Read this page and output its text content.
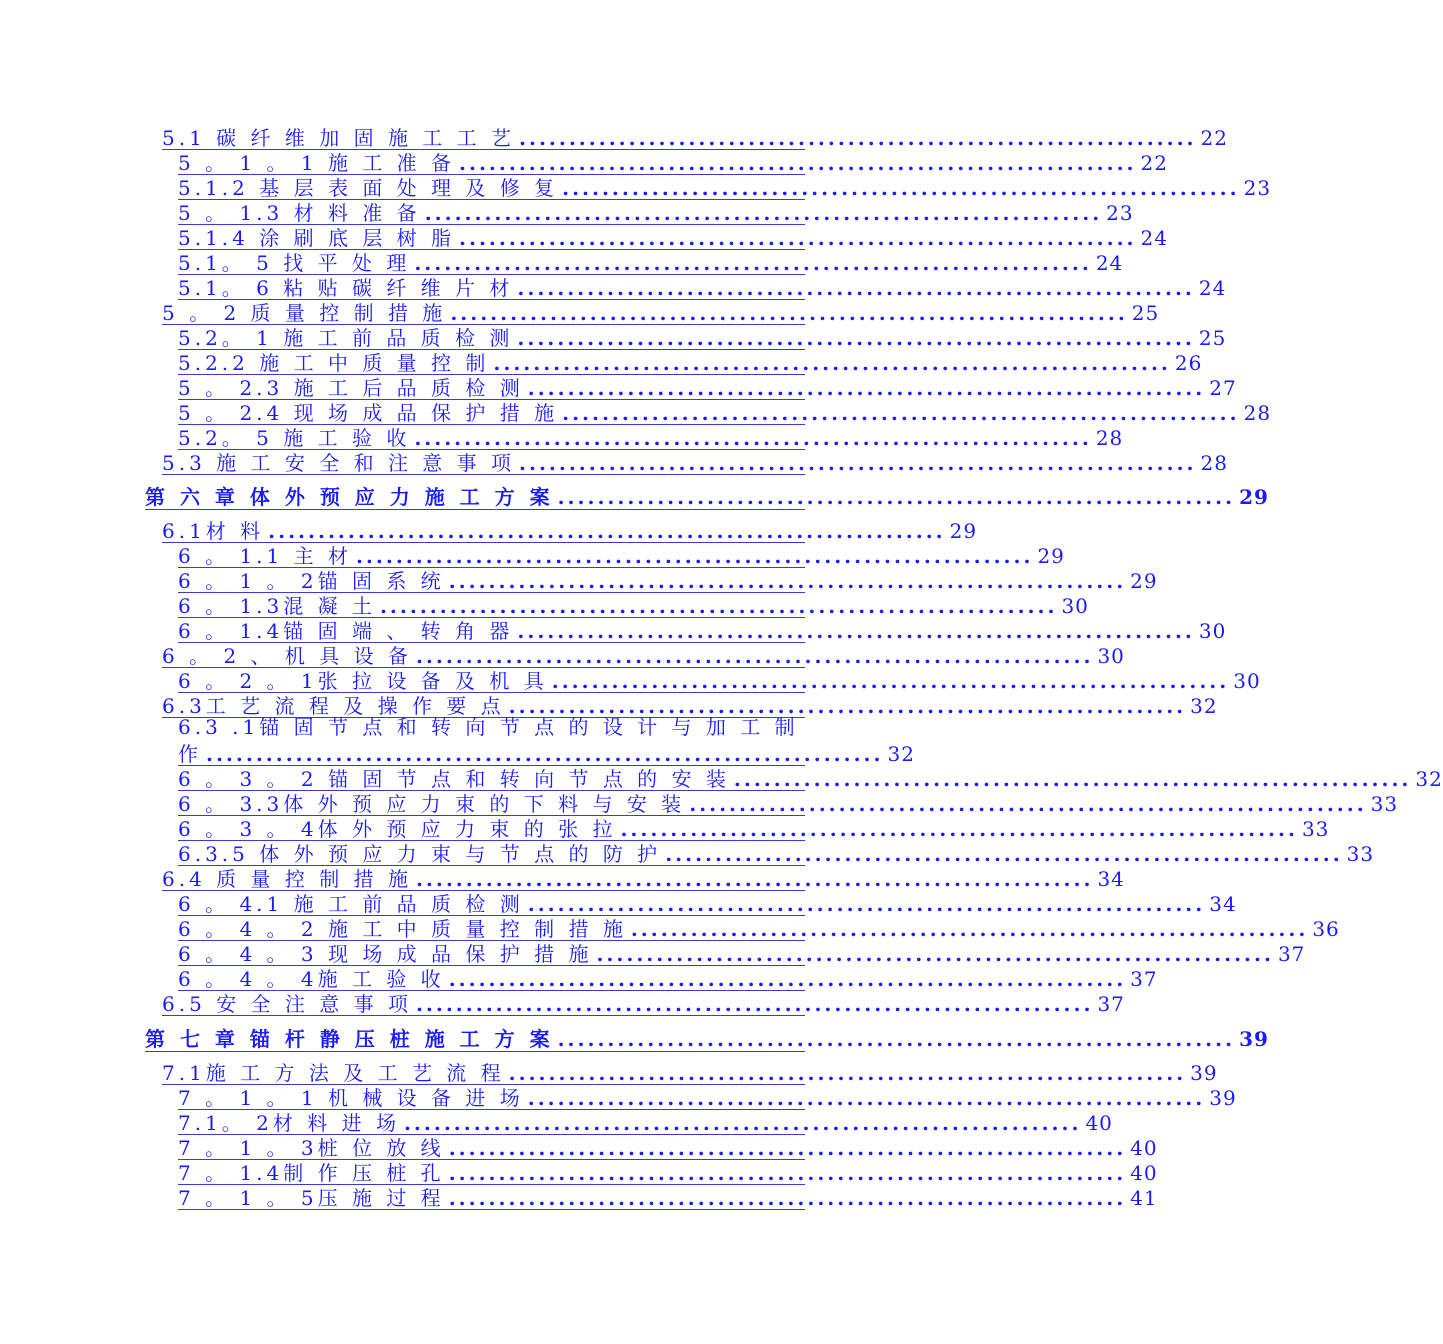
5.1 碳 纤 维 加 固 施 工 工 艺 .................................................................... 22
5 。 1 。 1 施 工 准 备 .................................................................... 22
5.1.2 基 层 表 面 处 理 及 修 复 .................................................................... 23
5 。 1.3 材 料 准 备 .................................................................... 23
5.1.4 涂 刷 底 层 树 脂 .................................................................... 24
5.1。 5 找 平 处 理 .................................................................... 24
5.1。 6 粘 贴 碳 纤 维 片 材 .................................................................... 24
5 。 2 质 量 控 制 措 施 .................................................................... 25
5.2。 1 施 工 前 品 质 检 测 .................................................................... 25
5.2.2 施 工 中 质 量 控 制 .................................................................... 26
5 。 2.3 施 工 后 品 质 检 测 .................................................................... 27
5 。 2.4 现 场 成 品 保 护 措 施 .................................................................... 28
5.2。 5 施 工 验 收 .................................................................... 28
5.3 施 工 安 全 和 注 意 事 项 .................................................................... 28
第 六 章 体 外 预 应 力 施 工 方 案 .................................................................... 29
6.1材 料 .................................................................... 29
6 。 1.1 主 材 .................................................................... 29
6 。 1 。 2锚 固 系 统 .................................................................... 29
6 。 1.3混 凝 土 .................................................................... 30
6 。 1.4锚 固 端 、 转 角 器 .................................................................... 30
6 。 2 、 机 具 设 备 .................................................................... 30
6 。 2 。 1张 拉 设 备 及 机 具 .................................................................... 30
6.3工 艺 流 程 及 操 作 要 点 .................................................................... 32
6.3 .1锚 固 节 点 和 转 向 节 点 的 设 计 与 加 工 制
作 .................................................................... 32
6 。 3 。 2 锚 固 节 点 和 转 向 节 点 的 安 装 .................................................................... 32
6 。 3.3体 外 预 应 力 束 的 下 料 与 安 装 .................................................................... 33
6 。 3 。 4体 外 预 应 力 束 的 张 拉 .................................................................... 33
6.3.5 体 外 预 应 力 束 与 节 点 的 防 护 .................................................................... 33
6.4 质 量 控 制 措 施 .................................................................... 34
6 。 4.1 施 工 前 品 质 检 测 .................................................................... 34
6 。 4 。 2 施 工 中 质 量 控 制 措 施 .................................................................... 36
6 。 4 。 3 现 场 成 品 保 护 措 施 .................................................................... 37
6 。 4 。 4施 工 验 收 .................................................................... 37
6.5 安 全 注 意 事 项 .................................................................... 37
第 七 章 锚 杆 静 压 桩 施 工 方 案 .................................................................... 39
7.1施 工 方 法 及 工 艺 流 程 .................................................................... 39
7 。 1 。 1 机 械 设 备 进 场 .................................................................... 39
7.1。 2材 料 进 场 .................................................................... 40
7 。 1 。 3桩 位 放 线 .................................................................... 40
7 。 1.4制 作 压 桩 孔 .................................................................... 40
7 。 1 。 5压 施 过 程 .................................................................... 41
